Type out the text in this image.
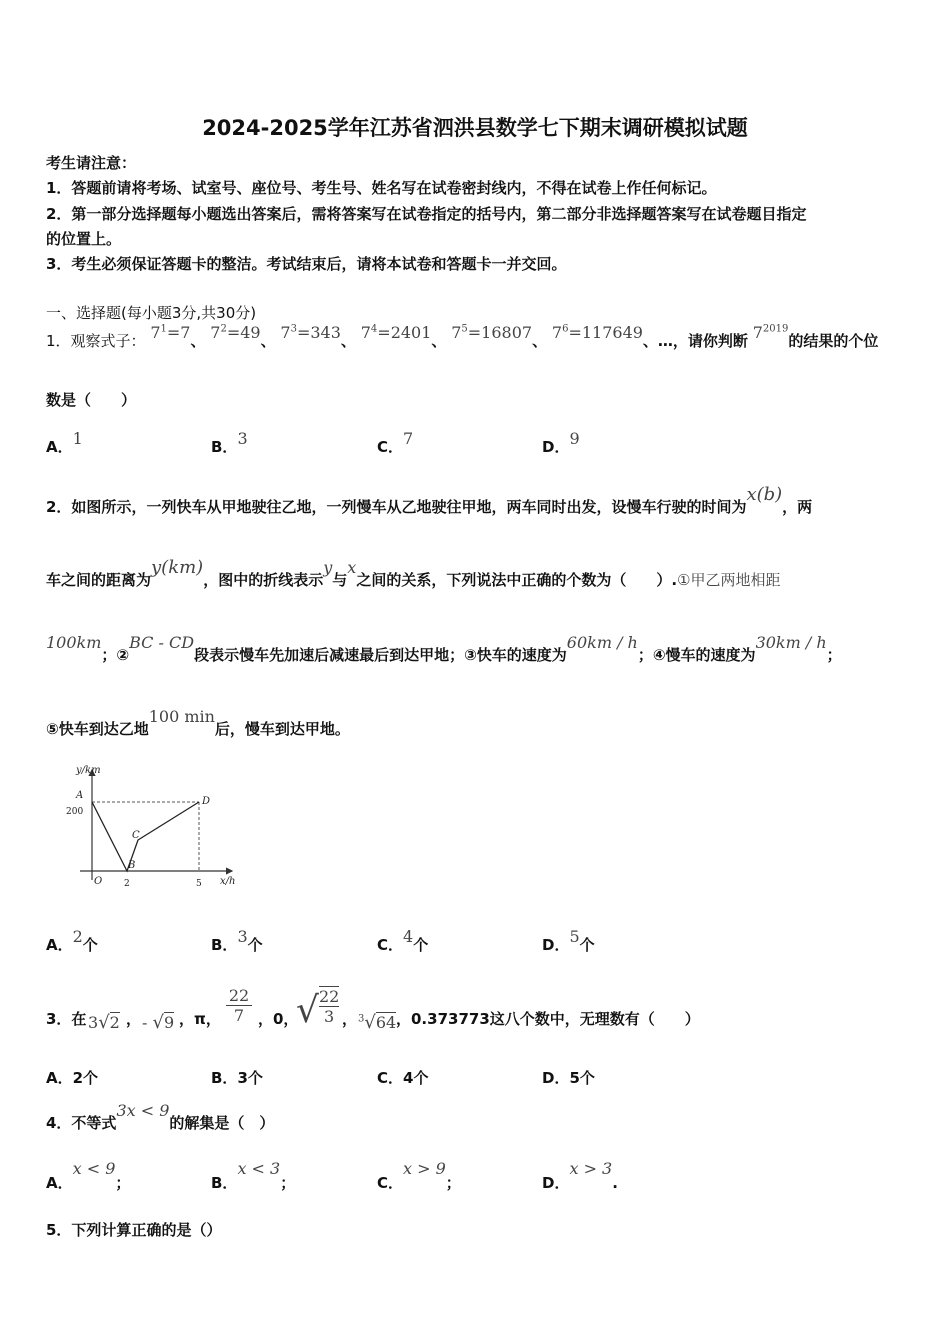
2024-2025学年江苏省泗洪县数学七下期末调研模拟试题
考生请注意：
1．答题前请将考场、试室号、座位号、考生号、姓名写在试卷密封线内，不得在试卷上作任何标记。
2．第一部分选择题每小题选出答案后，需将答案写在试卷指定的括号内，第二部分非选择题答案写在试卷题目指定
的位置上。
3．考生必须保证答题卡的整洁。考试结束后，请将本试卷和答题卡一并交回。
一、选择题(每小题3分,共30分)
1．观察式子： $7^1=7$、 $7^2=49$、 $7^3=343$、 $7^4=2401$、 $7^5=16807$、 $7^6=117649$、…，请你判断 $7^{2019}$的结果的个位
数是（　　）
A．1	B．3	C．7	D．9
2．如图所示，一列快车从甲地驶往乙地，一列慢车从乙地驶往甲地，两车同时出发，设慢车行驶的时间为x(b)，两
车之间的距离为y(km)，图中的折线表示y与x之间的关系，下列说法中正确的个数为（　　）.①甲乙两地相距
100km；②BC - CD段表示慢车先加速后减速最后到达甲地；③快车的速度为60km / h；④慢车的速度为30km / h；
⑤快车到达乙地100 min后，慢车到达甲地。
y/km
x/h
A
200
B
C
D
O 2	5
A．2个	B．3个	C．4个	D．5个
3．在 3√2 ， - √9 ，π，
22
7 ，0，
√ $\frac{22}{3}$ ， $^3$√64 ，0.373773这八个数中，无理数有（　　）
A．2个	B．3个	C．4个	D．5个
4．不等式3x < 9的解集是（　）
A．x < 9；	B．x < 3；	C．x > 9；	D．x > 3.
5．下列计算正确的是（）
